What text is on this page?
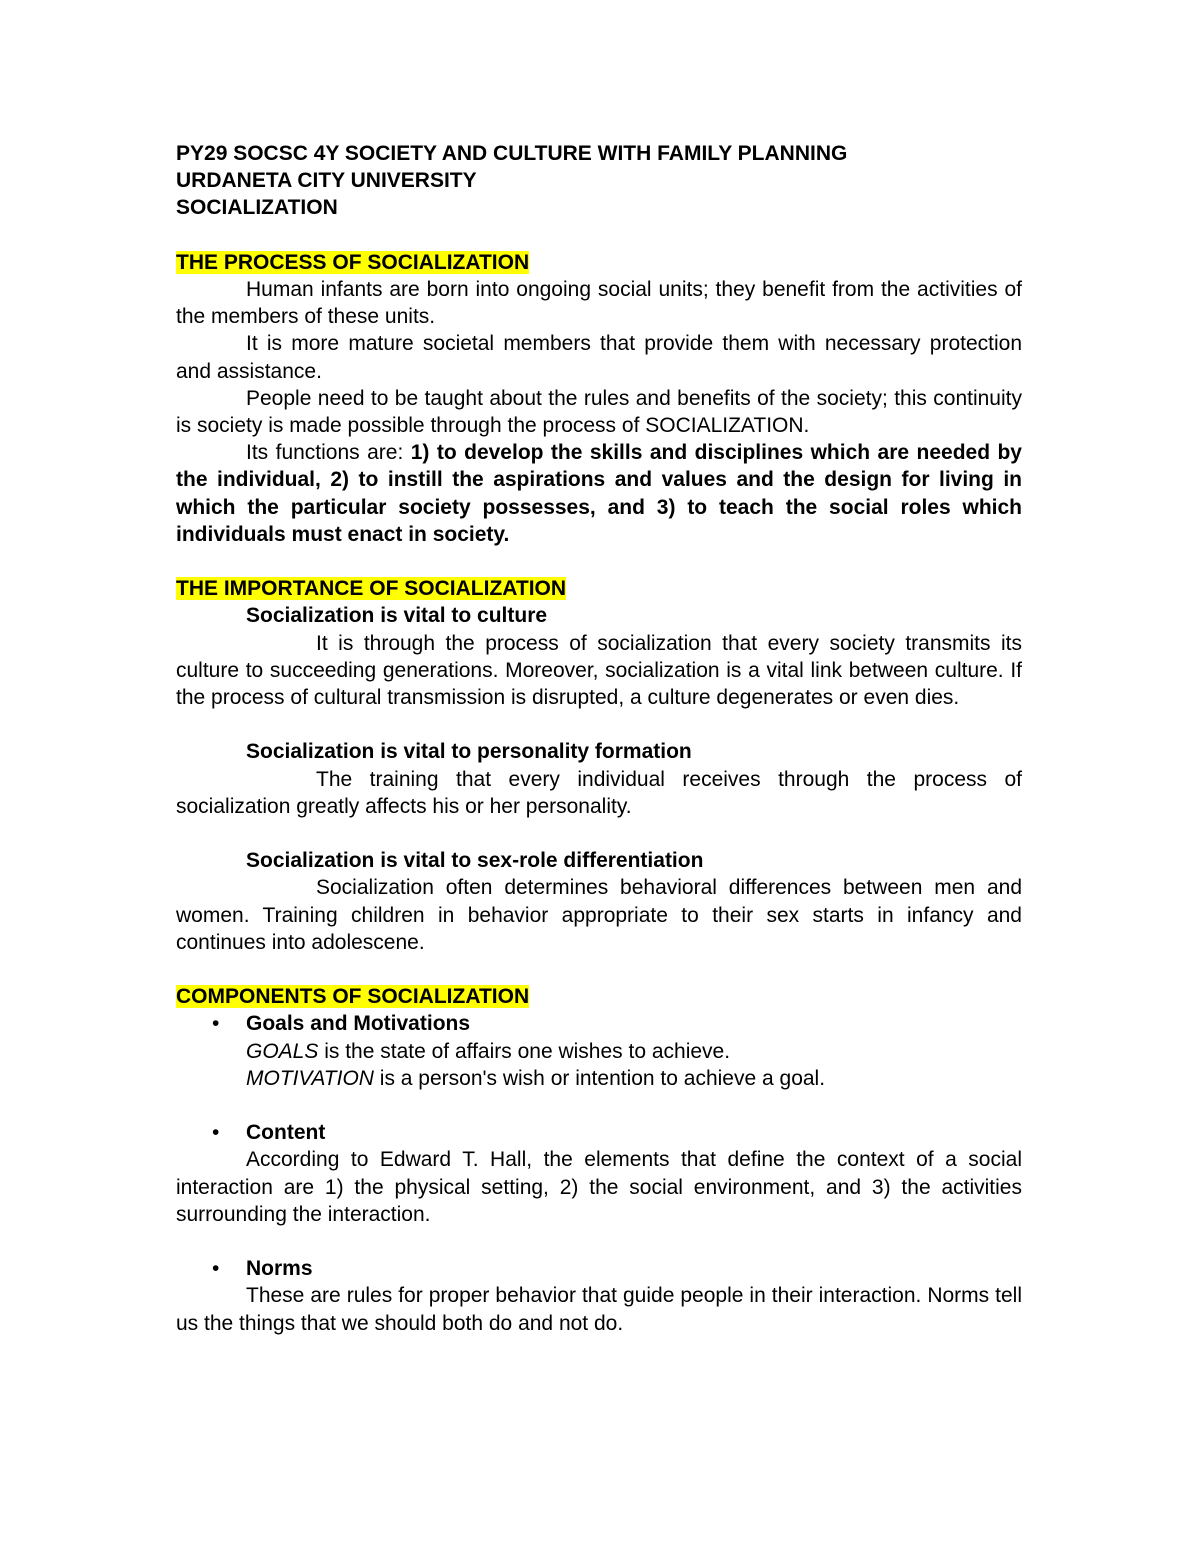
PY29 SOCSC 4Y SOCIETY AND CULTURE WITH FAMILY PLANNING
URDANETA CITY UNIVERSITY
SOCIALIZATION
THE PROCESS OF SOCIALIZATION

Human infants are born into ongoing social units; they benefit from the activities of the members of these units.

It is more mature societal members that provide them with necessary protection and assistance.

People need to be taught about the rules and benefits of the society; this continuity is society is made possible through the process of SOCIALIZATION.

Its functions are: 1) to develop the skills and disciplines which are needed by the individual, 2) to instill the aspirations and values and the design for living in which the particular society possesses, and 3) to teach the social roles which individuals must enact in society.

THE IMPORTANCE OF SOCIALIZATION
Socialization is vital to culture

It is through the process of socialization that every society transmits its culture to succeeding generations. Moreover, socialization is a vital link between culture. If the process of cultural transmission is disrupted, a culture degenerates or even dies.

Socialization is vital to personality formation

The training that every individual receives through the process of socialization greatly affects his or her personality.

Socialization is vital to sex-role differentiation

Socialization often determines behavioral differences between men and women. Training children in behavior appropriate to their sex starts in infancy and continues into adolescene.

COMPONENTS OF SOCIALIZATION
• Goals and Motivations

GOALS is the state of affairs one wishes to achieve.

MOTIVATION is a person's wish or intention to achieve a goal.

• Content

According to Edward T. Hall, the elements that define the context of a social interaction are 1) the physical setting, 2) the social environment, and 3) the activities surrounding the interaction.

• Norms

These are rules for proper behavior that guide people in their interaction. Norms tell us the things that we should both do and not do.
